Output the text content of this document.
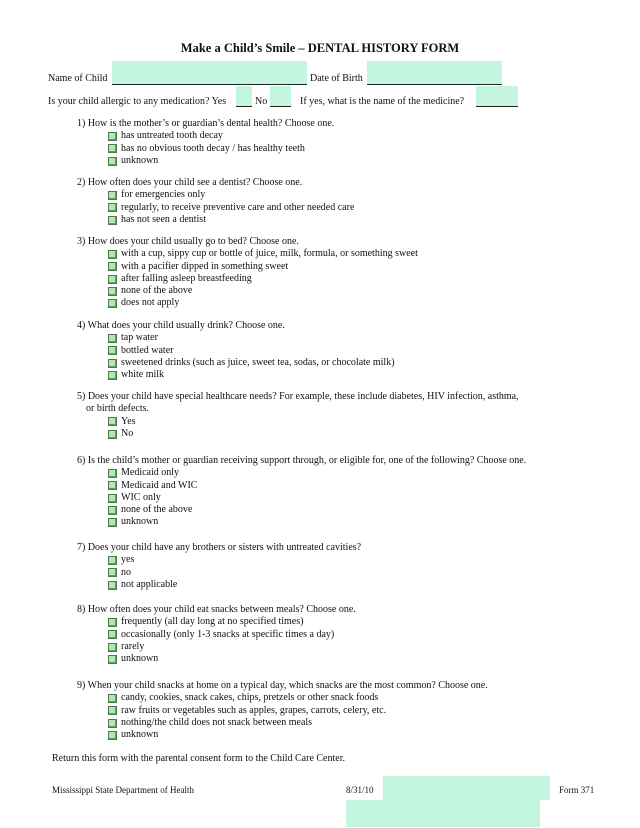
Make a Child’s Smile – DENTAL HISTORY FORM
Name of Child	Date of Birth
Is your child allergic to any medication? Yes	No	If yes, what is the name of the medicine?
1) How is the mother’s or guardian’s dental health? Choose one.
has untreated tooth decay
has no obvious tooth decay / has healthy teeth
unknown
2) How often does your child see a dentist? Choose one.
for emergencies only
regularly, to receive preventive care and other needed care
has not seen a dentist
3) How does your child usually go to bed? Choose one.
with a cup, sippy cup or bottle of juice, milk, formula, or something sweet
with a pacifier dipped in something sweet
after falling asleep breastfeeding
none of the above
does not apply
4) What does your child usually drink? Choose one.
tap water
bottled water
sweetened drinks (such as juice, sweet tea, sodas, or chocolate milk)
white milk
5) Does your child have special healthcare needs? For example, these include diabetes, HIV infection, asthma,
or birth defects.
Yes
No
6) Is the child’s mother or guardian receiving support through, or eligible for, one of the following? Choose one.
Medicaid only
Medicaid and WIC
WIC only
none of the above
unknown
7) Does your child have any brothers or sisters with untreated cavities?
yes
no
not applicable
8) How often does your child eat snacks between meals? Choose one.
frequently (all day long at no specified times)
occasionally (only 1-3 snacks at specific times a day)
rarely
unknown
9) When your child snacks at home on a typical day, which snacks are the most common? Choose one.
candy, cookies, snack cakes, chips, pretzels or other snack foods
raw fruits or vegetables such as apples, grapes, carrots, celery, etc.
nothing/the child does not snack between meals
unknown
Return this form with the parental consent form to the Child Care Center.
Mississippi State Department of Health	8/31/10	Form 371
